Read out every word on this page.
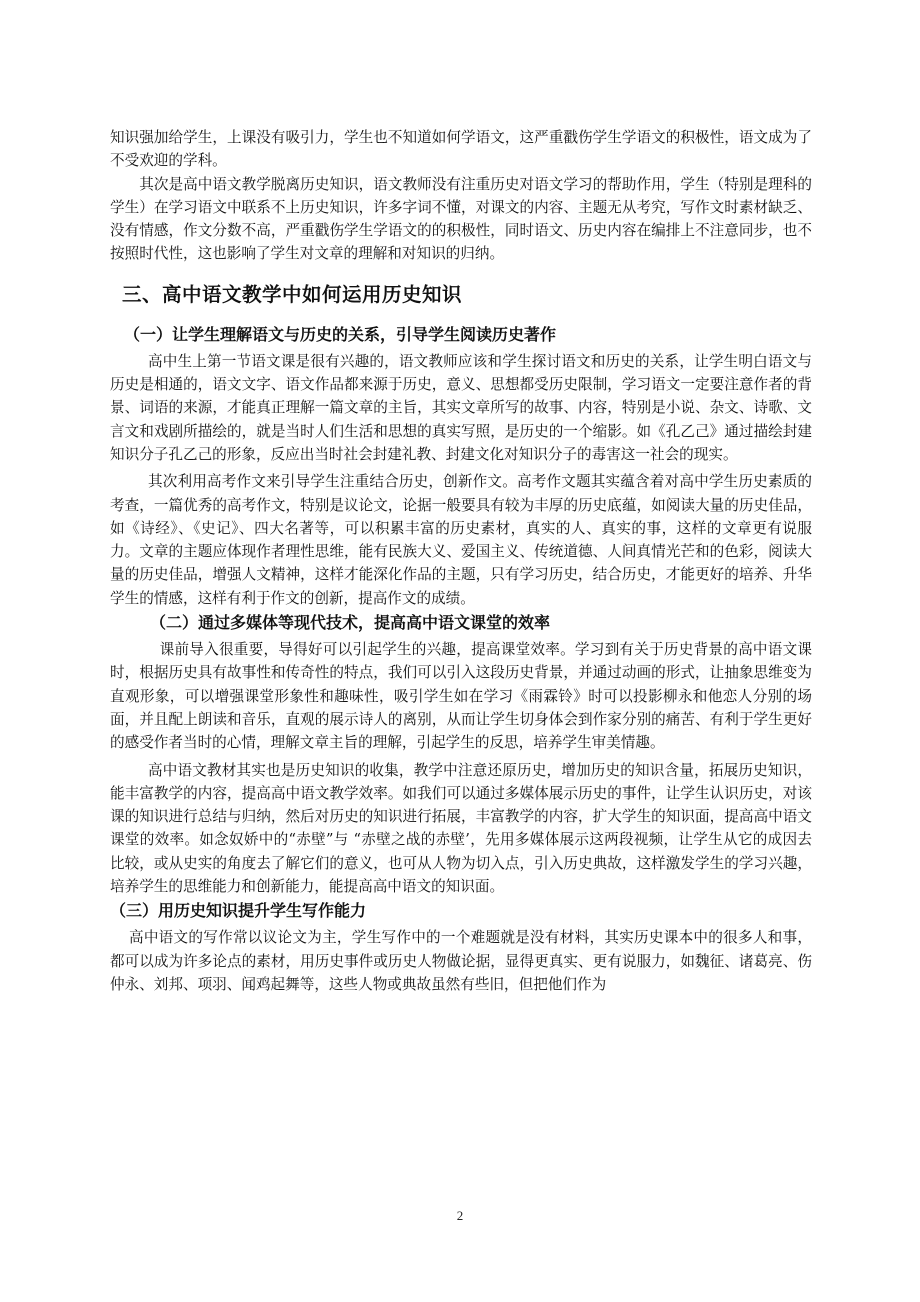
知识强加给学生，上课没有吸引力，学生也不知道如何学语文，这严重戳伤学生学语文的积极性，语文成为了不受欢迎的学科。

其次是高中语文教学脱离历史知识，语文教师没有注重历史对语文学习的帮助作用，学生（特别是理科的学生）在学习语文中联系不上历史知识，许多字词不懂，对课文的内容、主题无从考究，写作文时素材缺乏、没有情感，作文分数不高，严重戳伤学生学语文的的积极性，同时语文、历史内容在编排上不注意同步，也不按照时代性，这也影响了学生对文章的理解和对知识的归纳。

三、高中语文教学中如何运用历史知识
（一）让学生理解语文与历史的关系，引导学生阅读历史著作

高中生上第一节语文课是很有兴趣的，语文教师应该和学生探讨语文和历史的关系，让学生明白语文与历史是相通的，语文文字、语文作品都来源于历史，意义、思想都受历史限制，学习语文一定要注意作者的背景、词语的来源，才能真正理解一篇文章的主旨，其实文章所写的故事、内容，特别是小说、杂文、诗歌、文言文和戏剧所描绘的，就是当时人们生活和思想的真实写照，是历史的一个缩影。如《孔乙己》通过描绘封建知识分子孔乙己的形象，反应出当时社会封建礼教、封建文化对知识分子的毒害这一社会的现实。

其次利用高考作文来引导学生注重结合历史，创新作文。高考作文题其实蕴含着对高中学生历史素质的考查，一篇优秀的高考作文，特别是议论文，论据一般要具有较为丰厚的历史底蕴，如阅读大量的历史佳品，如《诗经》、《史记》、四大名著等，可以积累丰富的历史素材，真实的人、真实的事，这样的文章更有说服力。文章的主题应体现作者理性思维，能有民族大义、爱国主义、传统道德、人间真情光芒和的色彩，阅读大量的历史佳品，增强人文精神，这样才能深化作品的主题，只有学习历史，结合历史，才能更好的培养、升华学生的情感，这样有利于作文的创新，提高作文的成绩。

（二）通过多媒体等现代技术，提高高中语文课堂的效率

课前导入很重要，导得好可以引起学生的兴趣，提高课堂效率。学习到有关于历史背景的高中语文课时，根据历史具有故事性和传奇性的特点，我们可以引入这段历史背景，并通过动画的形式，让抽象思维变为直观形象，可以增强课堂形象性和趣味性，吸引学生如在学习《雨霖铃》时可以投影柳永和他恋人分别的场面，并且配上朗读和音乐，直观的展示诗人的离别，从而让学生切身体会到作家分别的痛苦、有利于学生更好的感受作者当时的心情，理解文章主旨的理解，引起学生的反思，培养学生审美情趣。

高中语文教材其实也是历史知识的收集，教学中注意还原历史，增加历史的知识含量，拓展历史知识，能丰富教学的内容，提高高中语文教学效率。如我们可以通过多媒体展示历史的事件，让学生认识历史，对该课的知识进行总结与归纳，然后对历史的知识进行拓展，丰富教学的内容，扩大学生的知识面，提高高中语文课堂的效率。如念奴娇中的“赤壁”与 “赤壁之战的赤壁’，先用多媒体展示这两段视频，让学生从它的成因去比较，或从史实的角度去了解它们的意义，也可从人物为切入点，引入历史典故，这样激发学生的学习兴趣，培养学生的思维能力和创新能力，能提高高中语文的知识面。

（三）用历史知识提升学生写作能力

高中语文的写作常以议论文为主，学生写作中的一个难题就是没有材料，其实历史课本中的很多人和事，都可以成为许多论点的素材，用历史事件或历史人物做论据，显得更真实、更有说服力，如魏征、诸葛亮、伤仲永、刘邦、项羽、闻鸡起舞等，这些人物或典故虽然有些旧，但把他们作为

2
